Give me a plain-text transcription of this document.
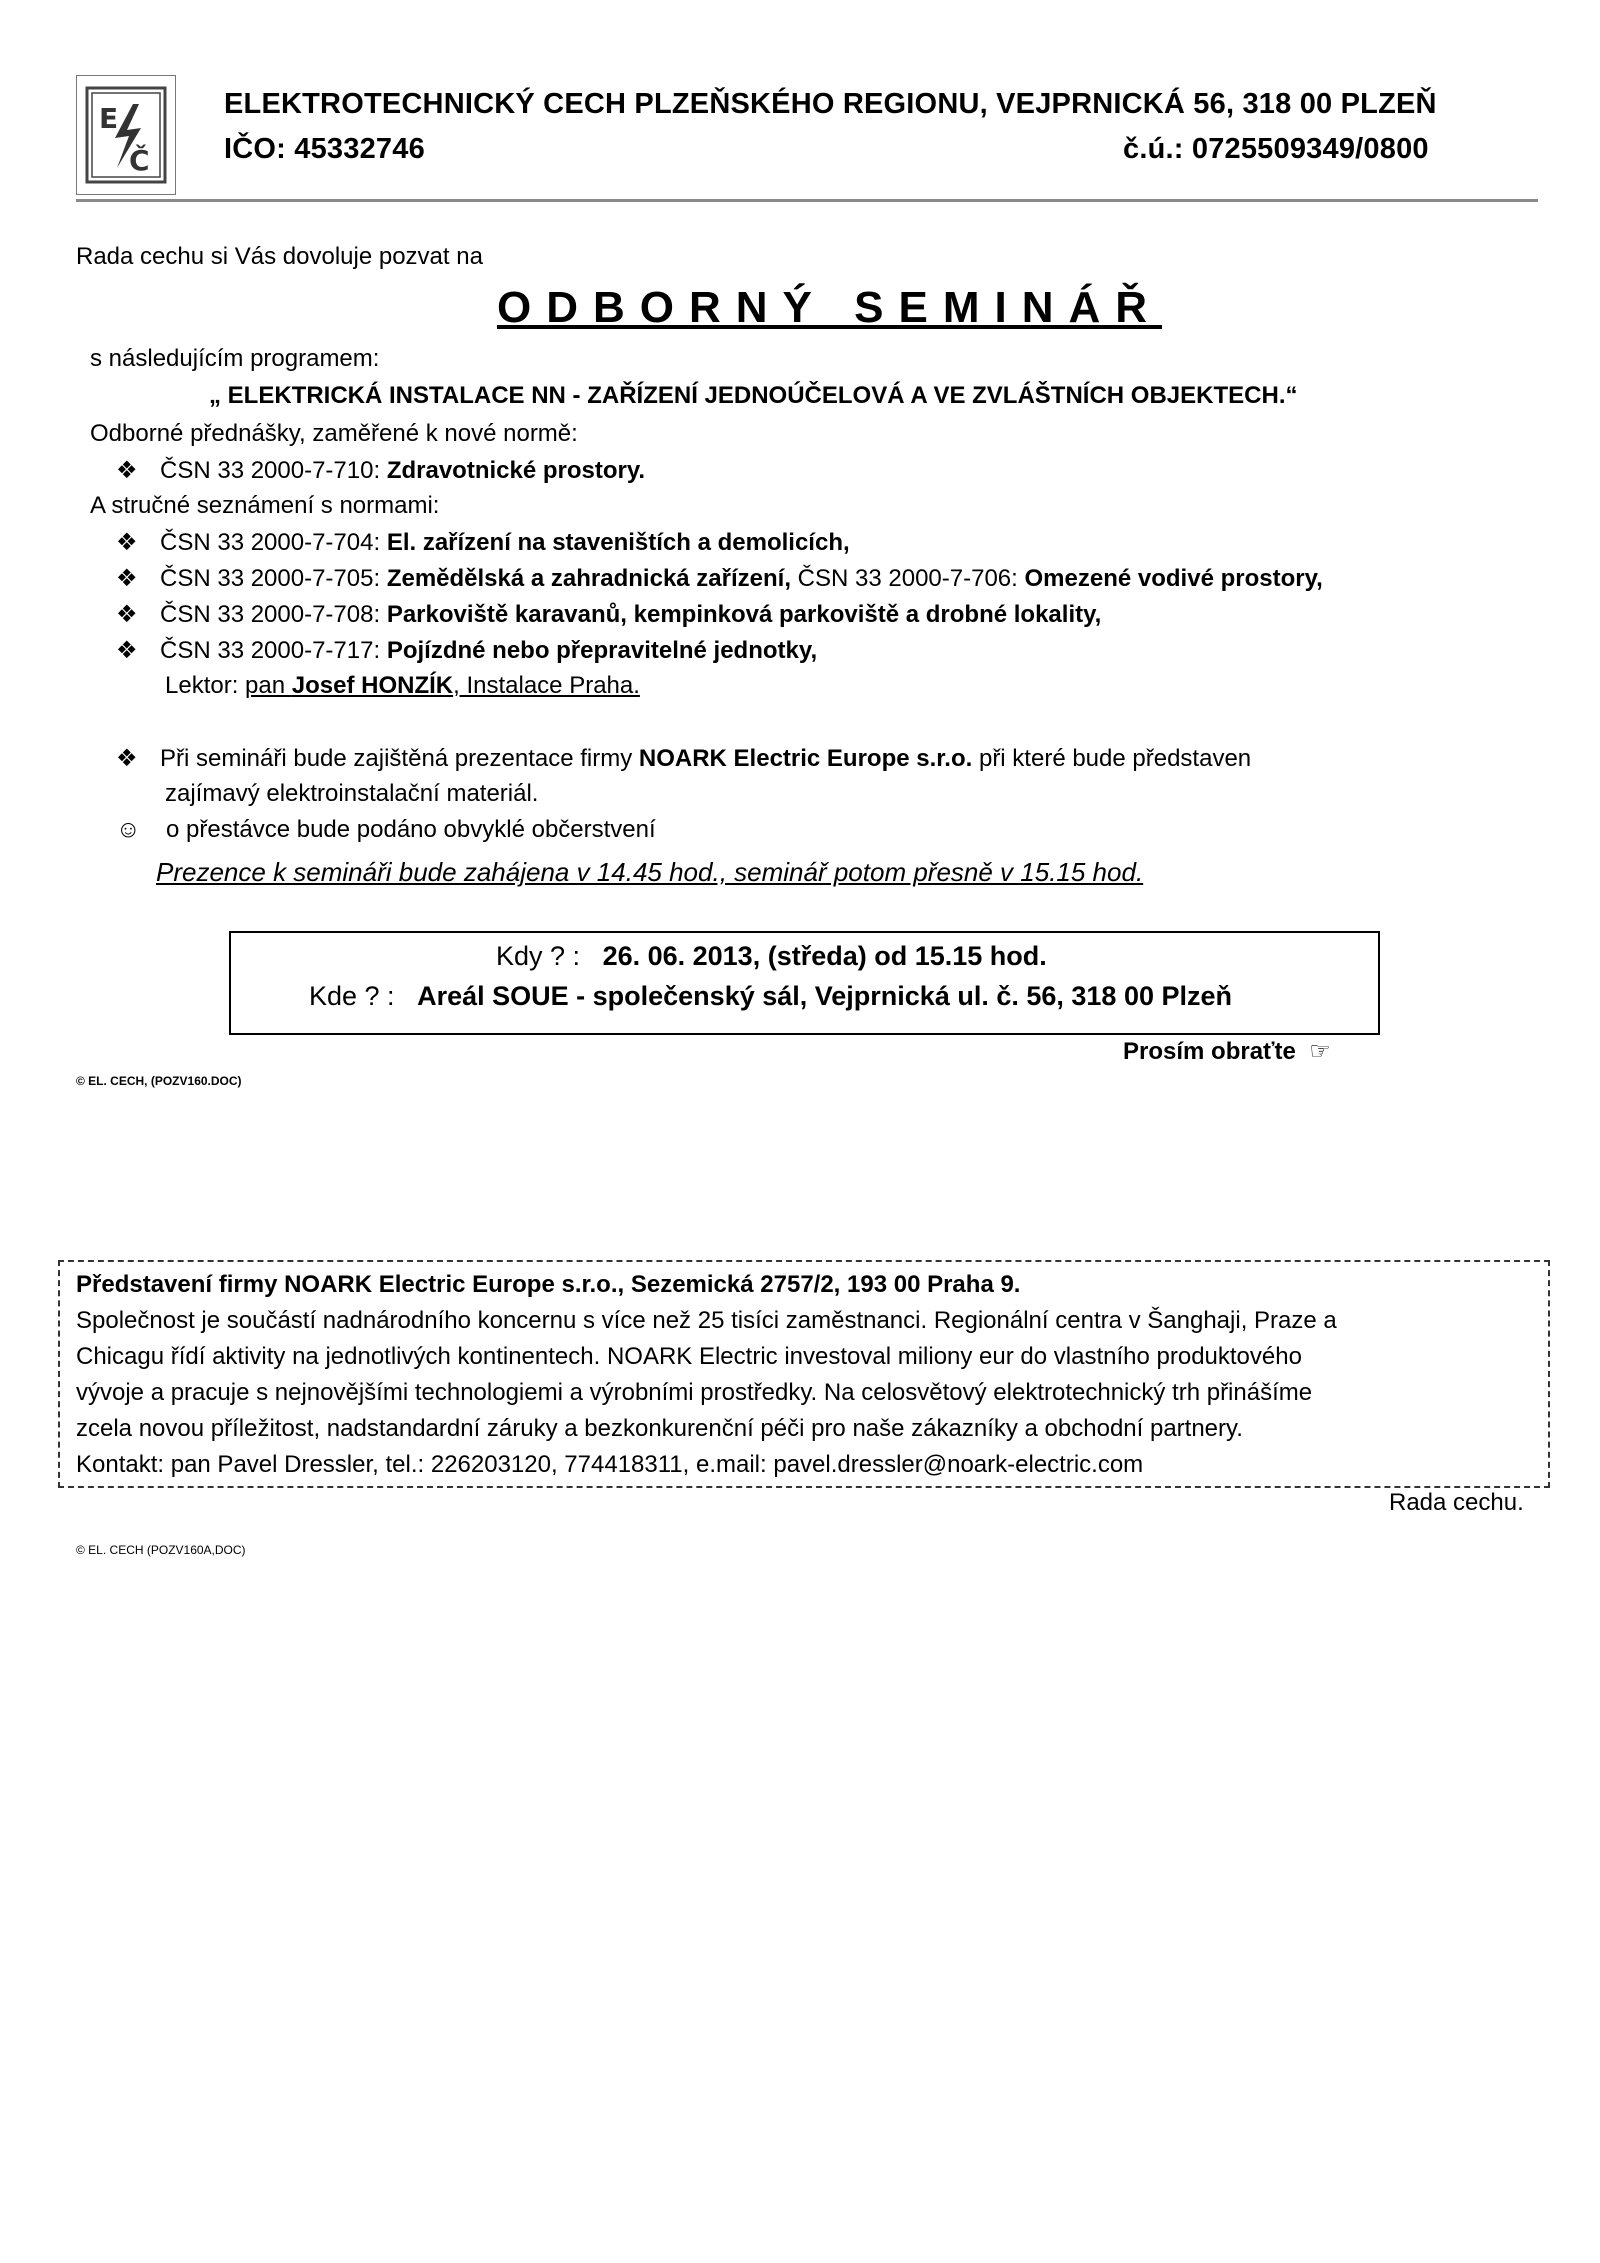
E
Č
ELEKTROTECHNICKÝ CECH PLZEŇSKÉHO REGIONU, VEJPRNICKÁ 56, 318 00 PLZEŇ
IČO: 45332746	č.ú.: 0725509349/0800
Rada cechu si Vás dovoluje pozvat na
ODBORNÝ SEMINÁŘ
s následujícím programem:
„ ELEKTRICKÁ INSTALACE NN - ZAŘÍZENÍ JEDNOÚČELOVÁ A VE ZVLÁŠTNÍCH OBJEKTECH.“
Odborné přednášky, zaměřené k nové normě:
❖ ČSN 33 2000-7-710: Zdravotnické prostory.
A stručné seznámení s normami:
❖ ČSN 33 2000-7-704: El. zařízení na staveništích a demolicích,
❖ ČSN 33 2000-7-705: Zemědělská a zahradnická zařízení, ČSN 33 2000-7-706: Omezené vodivé prostory,
❖ ČSN 33 2000-7-708: Parkoviště karavanů, kempinková parkoviště a drobné lokality,
❖ ČSN 33 2000-7-717: Pojízdné nebo přepravitelné jednotky,
Lektor: pan Josef HONZÍK, Instalace Praha.
❖ Při semináři bude zajištěná prezentace firmy NOARK Electric Europe s.r.o. při které bude představen
zajímavý elektroinstalační materiál.
☺ o přestávce bude podáno obvyklé občerstvení
Prezence k semináři bude zahájena v 14.45 hod., seminář potom přesně v 15.15 hod.
Kdy ? : 26. 06. 2013, (středa) od 15.15 hod.
Kde ? : Areál SOUE - společenský sál, Vejprnická ul. č. 56, 318 00 Plzeň
Prosím obraťte ☞
© EL. CECH, (POZV160.DOC)
Představení firmy NOARK Electric Europe s.r.o., Sezemická 2757/2, 193 00 Praha 9.
Společnost je součástí nadnárodního koncernu s více než 25 tisíci zaměstnanci. Regionální centra v Šanghaji, Praze a
Chicagu řídí aktivity na jednotlivých kontinentech. NOARK Electric investoval miliony eur do vlastního produktového
vývoje a pracuje s nejnovějšími technologiemi a výrobními prostředky. Na celosvětový elektrotechnický trh přinášíme
zcela novou příležitost, nadstandardní záruky a bezkonkurenční péči pro naše zákazníky a obchodní partnery.
Kontakt: pan Pavel Dressler, tel.: 226203120, 774418311, e.mail: pavel.dressler@noark-electric.com
Rada cechu.
© EL. CECH (POZV160A,DOC)
